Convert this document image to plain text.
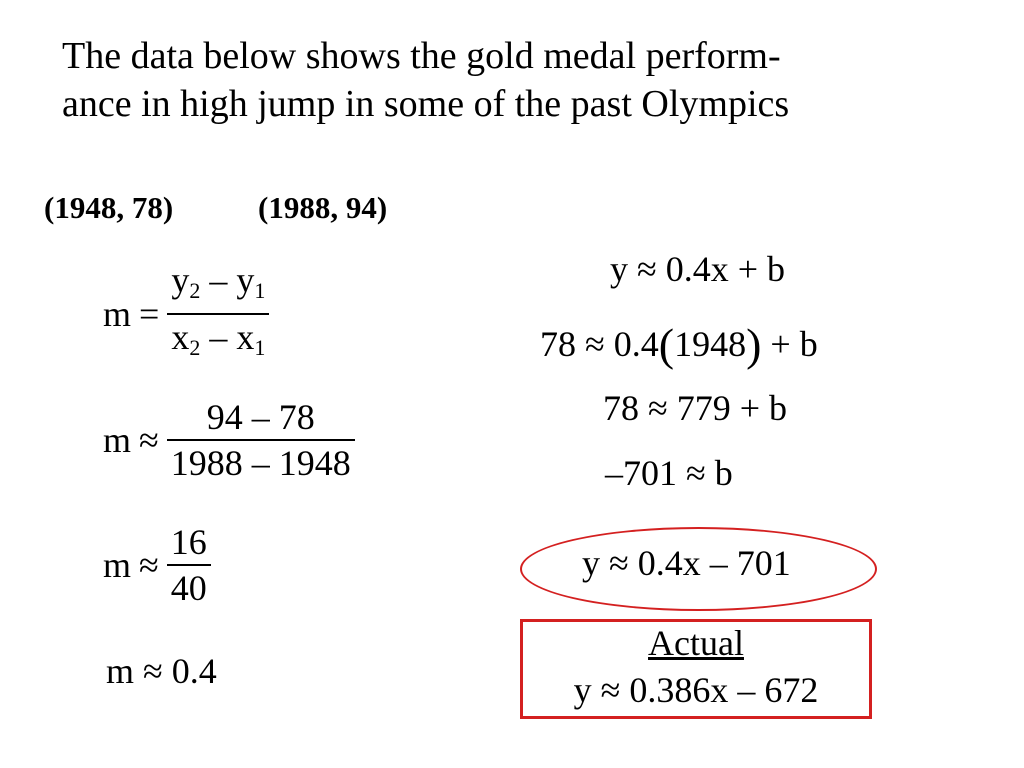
The data below shows the gold medal perform-
ance in high jump in some of the past Olympics
(1948, 78)	(1988, 94)
$m = \frac{y_2 - y_1}{x_2 - x_1}$
$m \approx \frac{94 - 78}{1988 - 1948}$
$m \approx \frac{16}{40}$
m ≈ 0.4
y ≈ 0.4x + b
78 ≈ 0.4(1948) + b
78 ≈ 779 + b
–701 ≈ b
y ≈ 0.4x – 701
Actual
y ≈ 0.386x – 672
